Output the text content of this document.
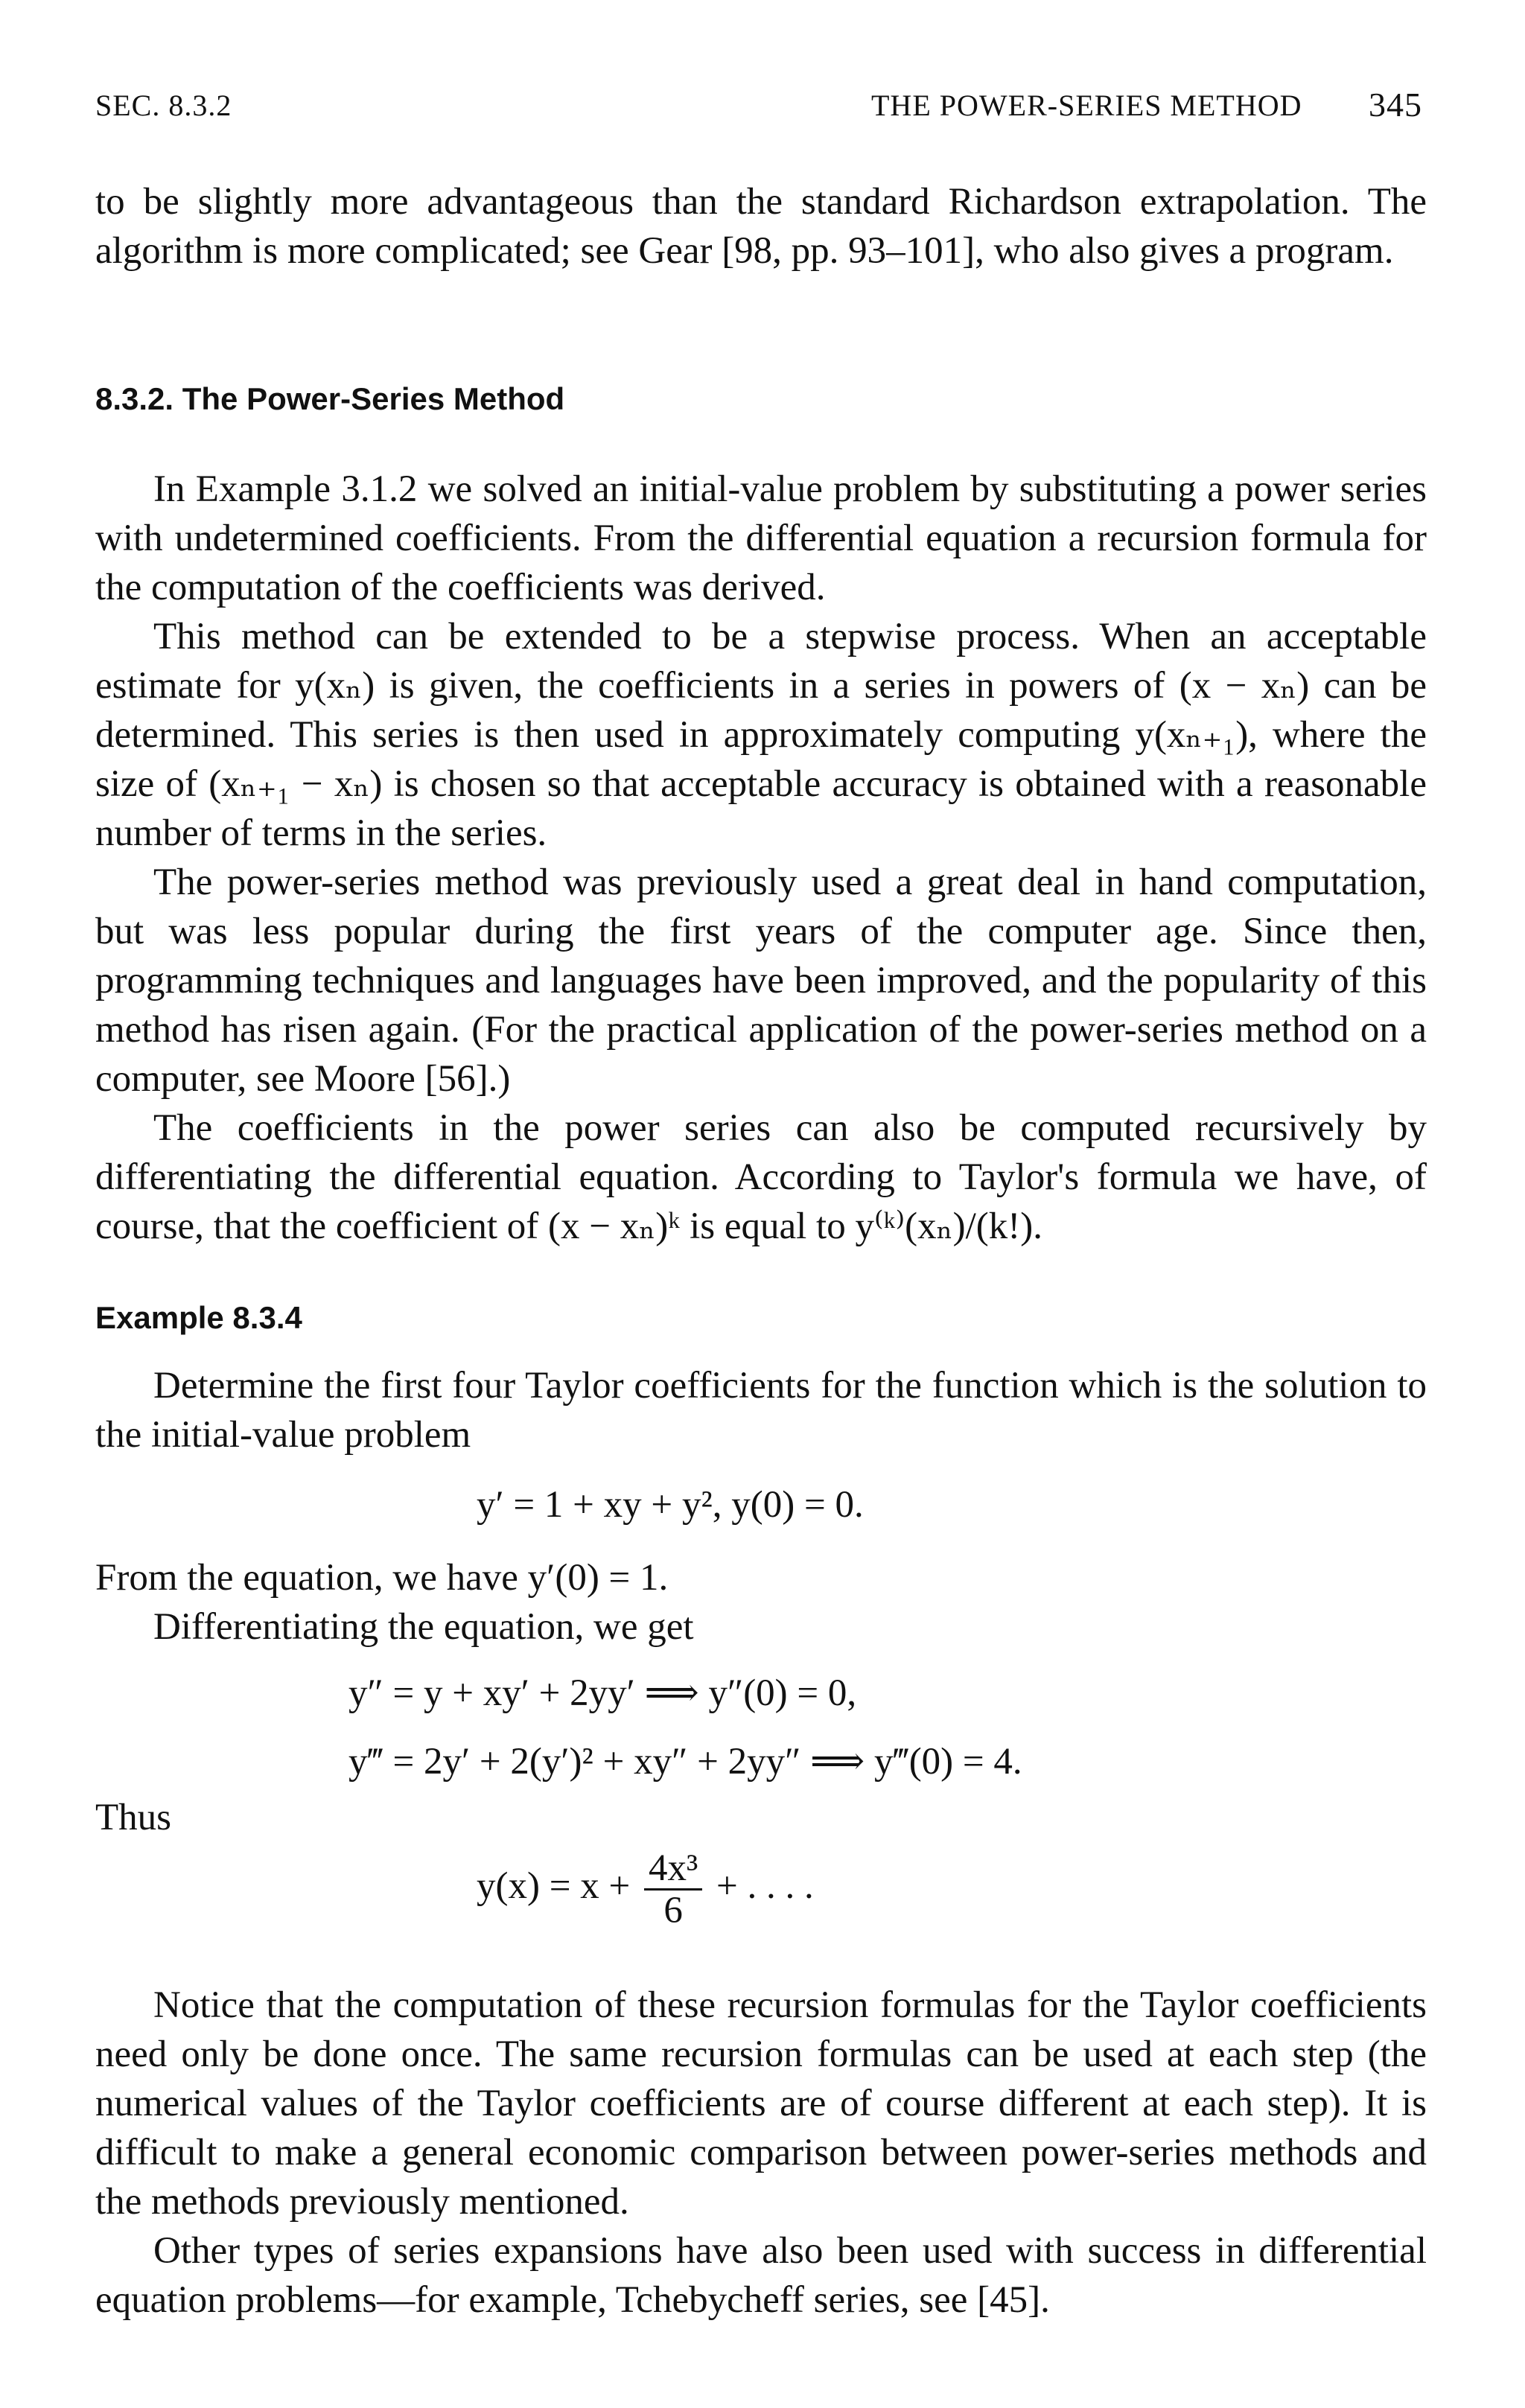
SEC. 8.3.2	THE POWER-SERIES METHOD 345

to be slightly more advantageous than the standard Richardson extrapolation. The algorithm is more complicated; see Gear [98, pp. 93–101], who also gives a program.

8.3.2. The Power-Series Method

In Example 3.1.2 we solved an initial-value problem by substituting a power series with undetermined coefficients. From the differential equation a recursion formula for the computation of the coefficients was derived.

This method can be extended to be a stepwise process. When an acceptable estimate for y(xₙ) is given, the coefficients in a series in powers of (x − xₙ) can be determined. This series is then used in approximately computing y(xₙ₊₁), where the size of (xₙ₊₁ − xₙ) is chosen so that acceptable accuracy is obtained with a reasonable number of terms in the series.

The power-series method was previously used a great deal in hand computation, but was less popular during the first years of the computer age. Since then, programming techniques and languages have been improved, and the popularity of this method has risen again. (For the practical application of the power-series method on a computer, see Moore [56].)

The coefficients in the power series can also be computed recursively by differentiating the differential equation. According to Taylor's formula we have, of course, that the coefficient of (x − xₙ)ᵏ is equal to y⁽ᵏ⁾(xₙ)/(k!).

Example 8.3.4

Determine the first four Taylor coefficients for the function which is the solution to the initial-value problem

y′ = 1 + xy + y², y(0) = 0.

From the equation, we have y′(0) = 1.

Differentiating the equation, we get

y″ = y + xy′ + 2yy′ ⟹ y″(0) = 0,
y‴ = 2y′ + 2(y′)² + xy″ + 2yy″ ⟹ y‴(0) = 4.

Thus

$y(x) = x + \frac{\text{4x³}}{6}$ + . . . .

Notice that the computation of these recursion formulas for the Taylor coefficients need only be done once. The same recursion formulas can be used at each step (the numerical values of the Taylor coefficients are of course different at each step). It is difficult to make a general economic comparison between power-series methods and the methods previously mentioned.

Other types of series expansions have also been used with success in differential equation problems—for example, Tchebycheff series, see [45].
